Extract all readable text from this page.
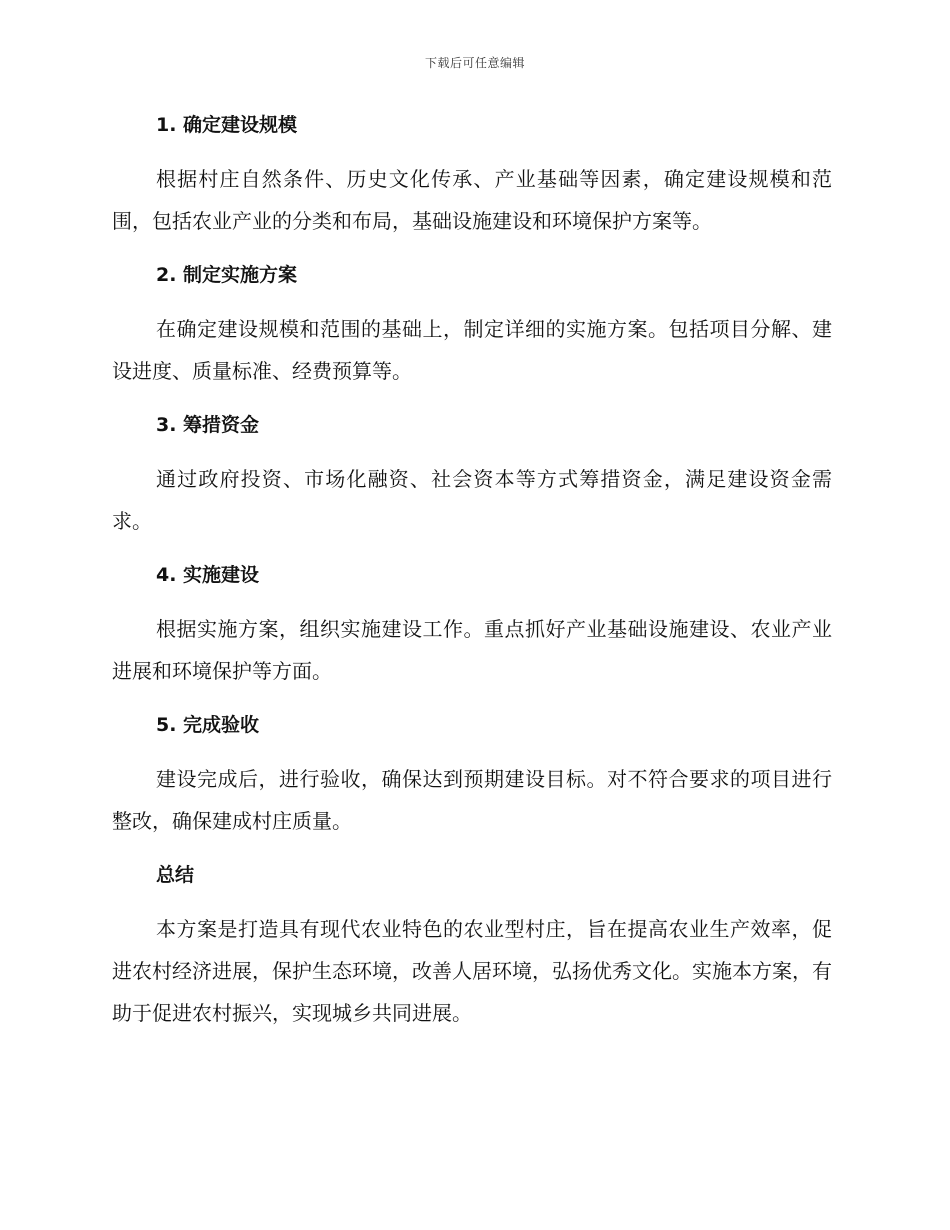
下载后可任意编辑
1. 确定建设规模

根据村庄自然条件、历史文化传承、产业基础等因素，确定建设规模和范围，包括农业产业的分类和布局，基础设施建设和环境保护方案等。

2. 制定实施方案

在确定建设规模和范围的基础上，制定详细的实施方案。包括项目分解、建设进度、质量标准、经费预算等。

3. 筹措资金

通过政府投资、市场化融资、社会资本等方式筹措资金，满足建设资金需求。

4. 实施建设

根据实施方案，组织实施建设工作。重点抓好产业基础设施建设、农业产业进展和环境保护等方面。

5. 完成验收

建设完成后，进行验收，确保达到预期建设目标。对不符合要求的项目进行整改，确保建成村庄质量。

总结

本方案是打造具有现代农业特色的农业型村庄，旨在提高农业生产效率，促进农村经济进展，保护生态环境，改善人居环境，弘扬优秀文化。实施本方案，有助于促进农村振兴，实现城乡共同进展。
